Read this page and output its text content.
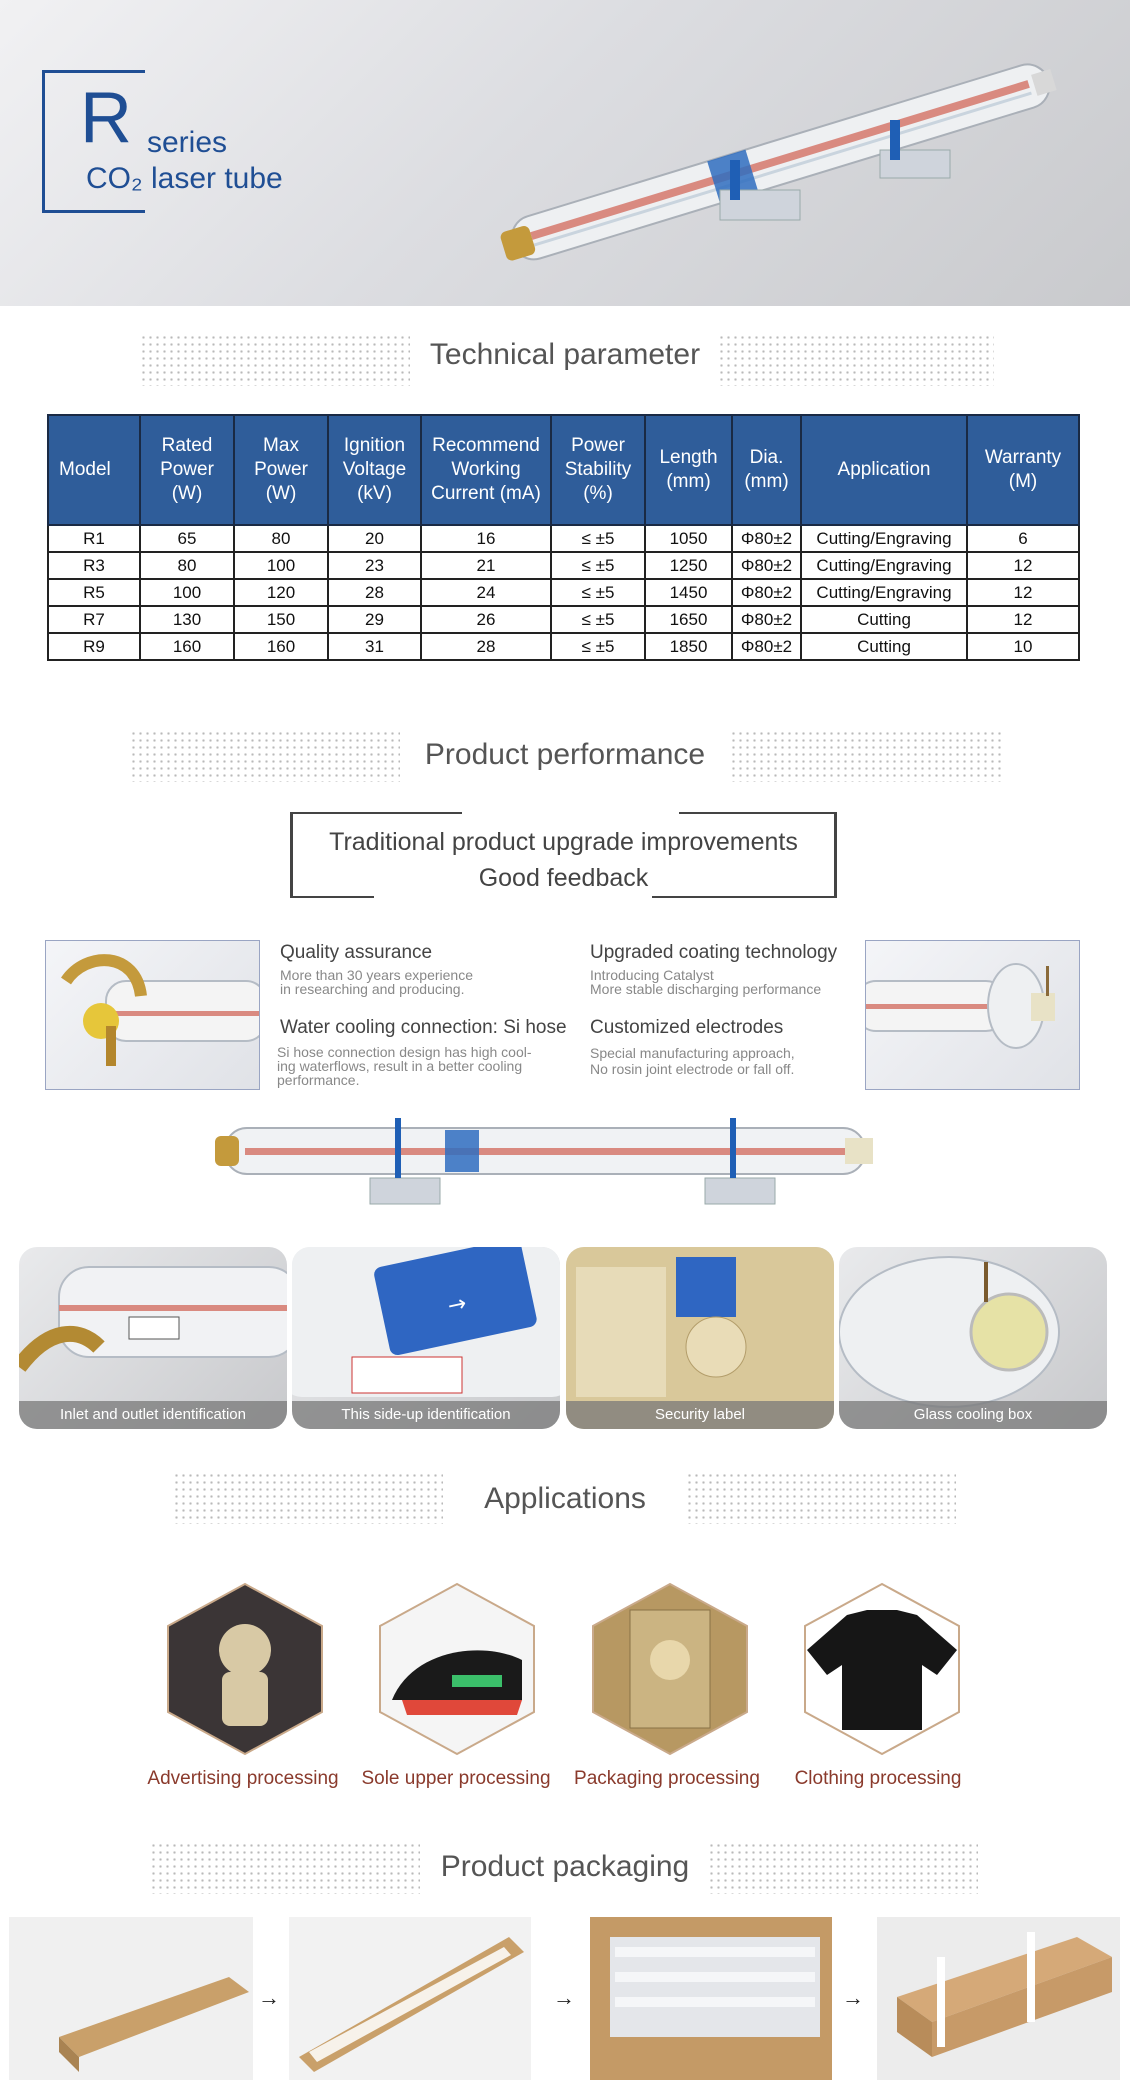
R series
CO₂ laser tube
Technical parameter
Model	Rated Power (W)	Max Power (W)	Ignition Voltage (kV)	Recommend Working Current (mA)	Power Stability (%)	Length (mm)	Dia. (mm)	Application	Warranty (M)
R1	65	80	20	16	≤ ±5	1050	Φ80±2	Cutting/Engraving	6
R3	80	100	23	21	≤ ±5	1250	Φ80±2	Cutting/Engraving	12
R5	100	120	28	24	≤ ±5	1450	Φ80±2	Cutting/Engraving	12
R7	130	150	29	26	≤ ±5	1650	Φ80±2	Cutting	12
R9	160	160	31	28	≤ ±5	1850	Φ80±2	Cutting	10
Product performance
Traditional product upgrade improvements
Good feedback
Quality assurance
More than 30 years experience
in researching and producing.
Water cooling connection: Si hose
Si hose connection design has high cool-
ing waterflows, result in a better cooling
performance.
Upgraded coating technology
Introducing Catalyst
More stable discharging performance
Customized electrodes
Special manufacturing approach,
No rosin joint electrode or fall off.
Inlet and outlet identification
→
This side-up identification	Security label	Glass cooling box
Applications
Advertising processing	Sole upper processing	Packaging processing	Clothing processing
Product packaging
→	→	→
